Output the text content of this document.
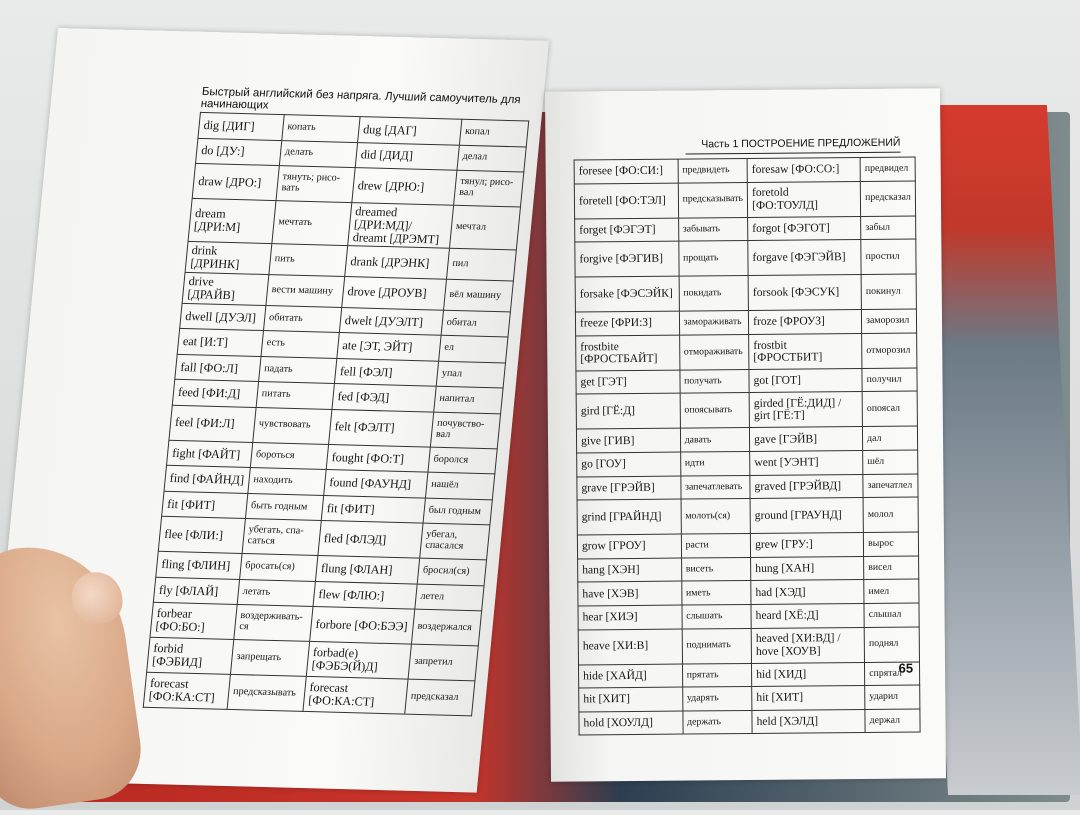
Быстрый английский без напряга. Лучший самоучитель для начинающих
dig [ДИГ]	копать	dug [ДАГ]	копал
do [ДУ:]	делать	did [ДИД]	делал
draw [ДРО:]	тянуть; рисо-вать	drew [ДРЮ:]	тянул; рисо-вал
dream [ДРИ:М]	мечтать	dreamed [ДРИ:МД]/ dreamt [ДРЭМТ]	мечтал
drink [ДРИНК]	пить	drank [ДРЭНК]	пил
drive [ДРАЙВ]	вести машину	drove [ДРОУВ]	вёл машину
dwell [ДУЭЛ]	обитать	dwelt [ДУЭЛТ]	обитал
eat [И:Т]	есть	ate [ЭТ, ЭЙТ]	ел
fall [ФО:Л]	падать	fell [ФЭЛ]	упал
feed [ФИ:Д]	питать	fed [ФЭД]	напитал
feel [ФИ:Л]	чувствовать	felt [ФЭЛТ]	почувство-вал
fight [ФАЙТ]	бороться	fought [ФО:Т]	боролся
find [ФАЙНД]	находить	found [ФАУНД]	нашёл
fit [ФИТ]	быть годным	fit [ФИТ]	был годным
flee [ФЛИ:]	убегать, спа-саться	fled [ФЛЭД]	убегал, спасался
fling [ФЛИН]	бросать(ся)	flung [ФЛАН]	бросил(ся)
fly [ФЛАЙ]	летать	flew [ФЛЮ:]	летел
forbear [ФО:БО:]	воздерживать-ся	forbore [ФО:БЭЭ]	воздержался
forbid [ФЭБИД]	запрещать	forbad(e) [ФЭБЭ(Й)Д]	запретил
forecast [ФО:КА:СТ]	предсказывать	forecast [ФО:КА:СТ]	предсказал
Часть 1 ПОСТРОЕНИЕ ПРЕДЛОЖЕНИЙ
foresee [ФО:СИ:]	предвидеть	foresaw [ФО:СО:]	предвидел
foretell [ФО:ТЭЛ]	предсказывать	foretold [ФО:ТОУЛД]	предсказал
forget [ФЭГЭТ]	забывать	forgot [ФЭГОТ]	забыл
forgive [ФЭГИВ]	прощать	forgave [ФЭГЭЙВ]	простил
forsake [ФЭСЭЙК]	покидать	forsook [ФЭСУК]	покинул
freeze [ФРИ:З]	замораживать	froze [ФРОУЗ]	заморозил
frostbite [ФРОСТБАЙТ]	отмораживать	frostbit [ФРОСТБИТ]	отморозил
get [ГЭТ]	получать	got [ГОТ]	получил
gird [ГЁ:Д]	опоясывать	girded [ГЁ:ДИД] / girt [ГЁ:Т]	опоясал
give [ГИВ]	давать	gave [ГЭЙВ]	дал
go [ГОУ]	идти	went [УЭНТ]	шёл
grave [ГРЭЙВ]	запечатлевать	graved [ГРЭЙВД]	запечатлел
grind [ГРАЙНД]	молоть(ся)	ground [ГРАУНД]	молол
grow [ГРОУ]	расти	grew [ГРУ:]	вырос
hang [ХЭН]	висеть	hung [ХАН]	висел
have [ХЭВ]	иметь	had [ХЭД]	имел
hear [ХИЭ]	слышать	heard [ХЁ:Д]	слышал
heave [ХИ:В]	поднимать	heaved [ХИ:ВД] / hove [ХОУВ]	поднял
hide [ХАЙД]	прятать	hid [ХИД]	спрятал
hit [ХИТ]	ударять	hit [ХИТ]	ударил
hold [ХОУЛД]	держать	held [ХЭЛД]	держал
65
